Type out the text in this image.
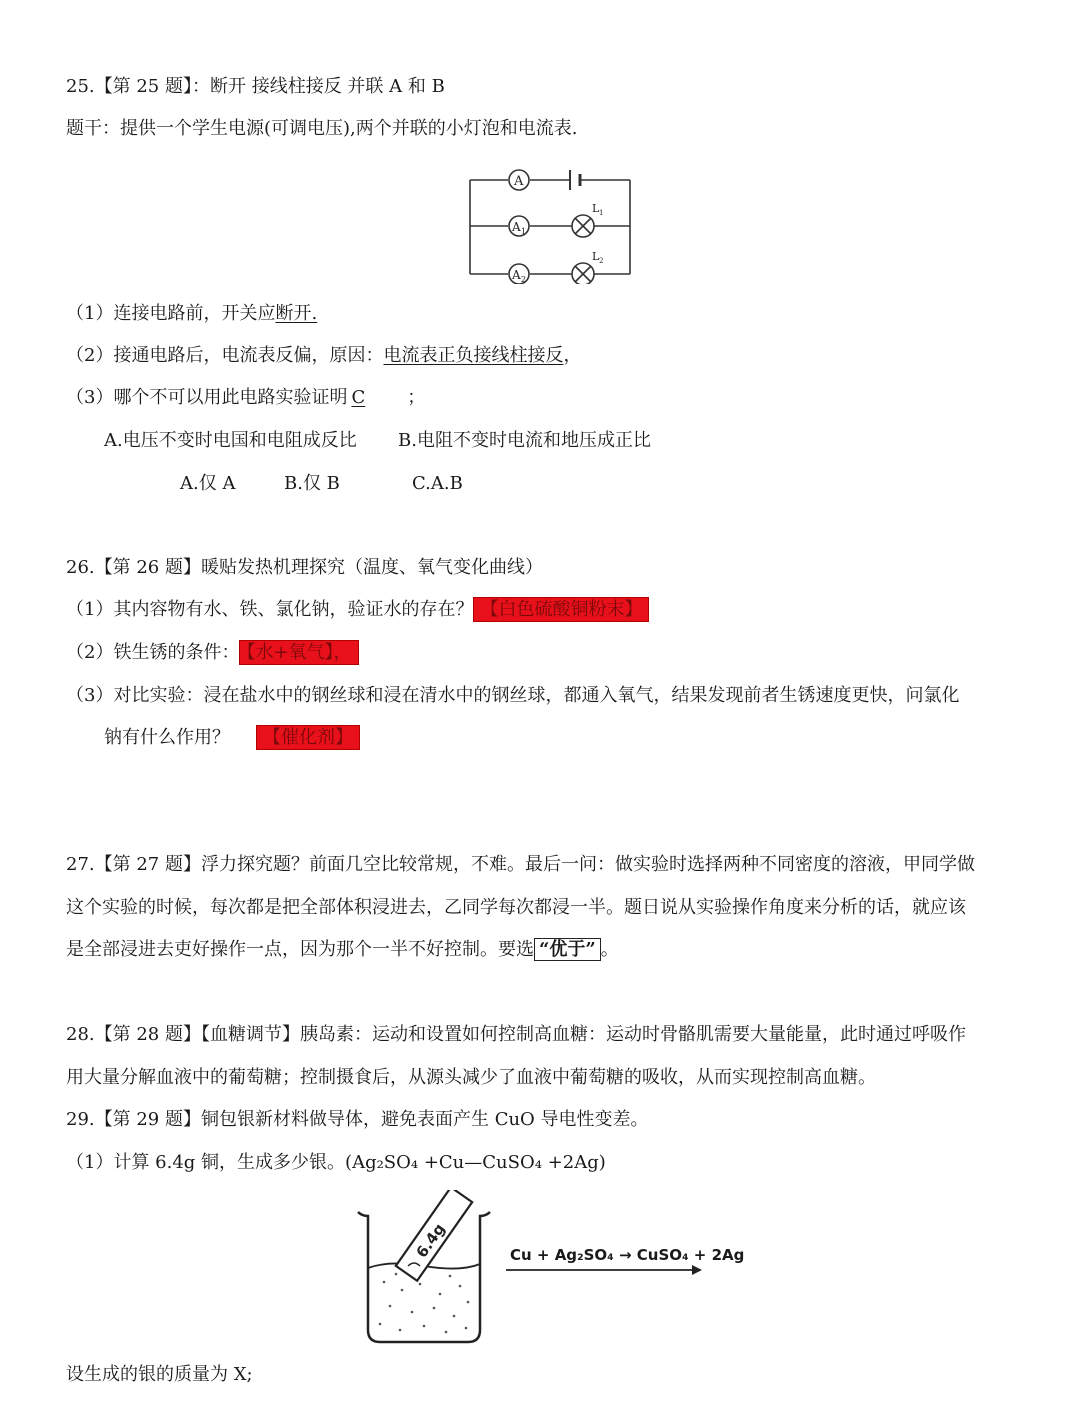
25.【第 25 题】：断开 接线柱接反 并联 A 和 B
题干：提供一个学生电源(可调电压),两个并联的小灯泡和电流表.
A
A 1
A 2
L 1
L 2
（1）连接电路前，开关应断开.
（2）接通电路后，电流表反偏，原因：电流表正负接线柱接反，
（3）哪个不可以用此电路实验证明 C ；
A.电压不变时电国和电阻成反比 B.电阻不变时电流和地压成正比
A.仅 A	B.仅 B	C.A.B
26.【第 26 题】暖贴发热机理探究（温度、氧气变化曲线）
（1）其内容物有水、铁、氯化钠，验证水的存在？ 【白色硫酸铜粉末】
（2）铁生锈的条件： 【水+氧气】，
（3）对比实验：浸在盐水中的钢丝球和浸在清水中的钢丝球，都通入氧气，结果发现前者生锈速度更快，问氯化
钠有什么作用？ 【催化剂】
27.【第 27 题】浮力探究题？前面几空比较常规，不难。最后一问：做实验时选择两种不同密度的溶液，甲同学做
这个实验的时候，每次都是把全部体积浸进去，乙同学每次都浸一半。题日说从实验操作角度来分析的话，就应该
是全部浸进去吏好操作一点，因为那个一半不好控制。要选 “优于” 。
28.【第 28 题】【血糖调节】胰岛素：运动和设置如何控制高血糖：运动时骨骼肌需要大量能量，此时通过呼吸作
用大量分解血液中的葡萄糖；控制摄食后，从源头减少了血液中葡萄糖的吸收，从而实现控制高血糖。
29.【第 29 题】铜包银新材料做导体，避免表面产生 CuO 导电性变差。
（1）计算 6.4g 铜，生成多少银。(Ag₂SO₄ +Cu—CuSO₄ +2Ag)
6.4g	Cu + Ag₂SO₄ → CuSO₄ + 2Ag
设生成的银的质量为 X;
